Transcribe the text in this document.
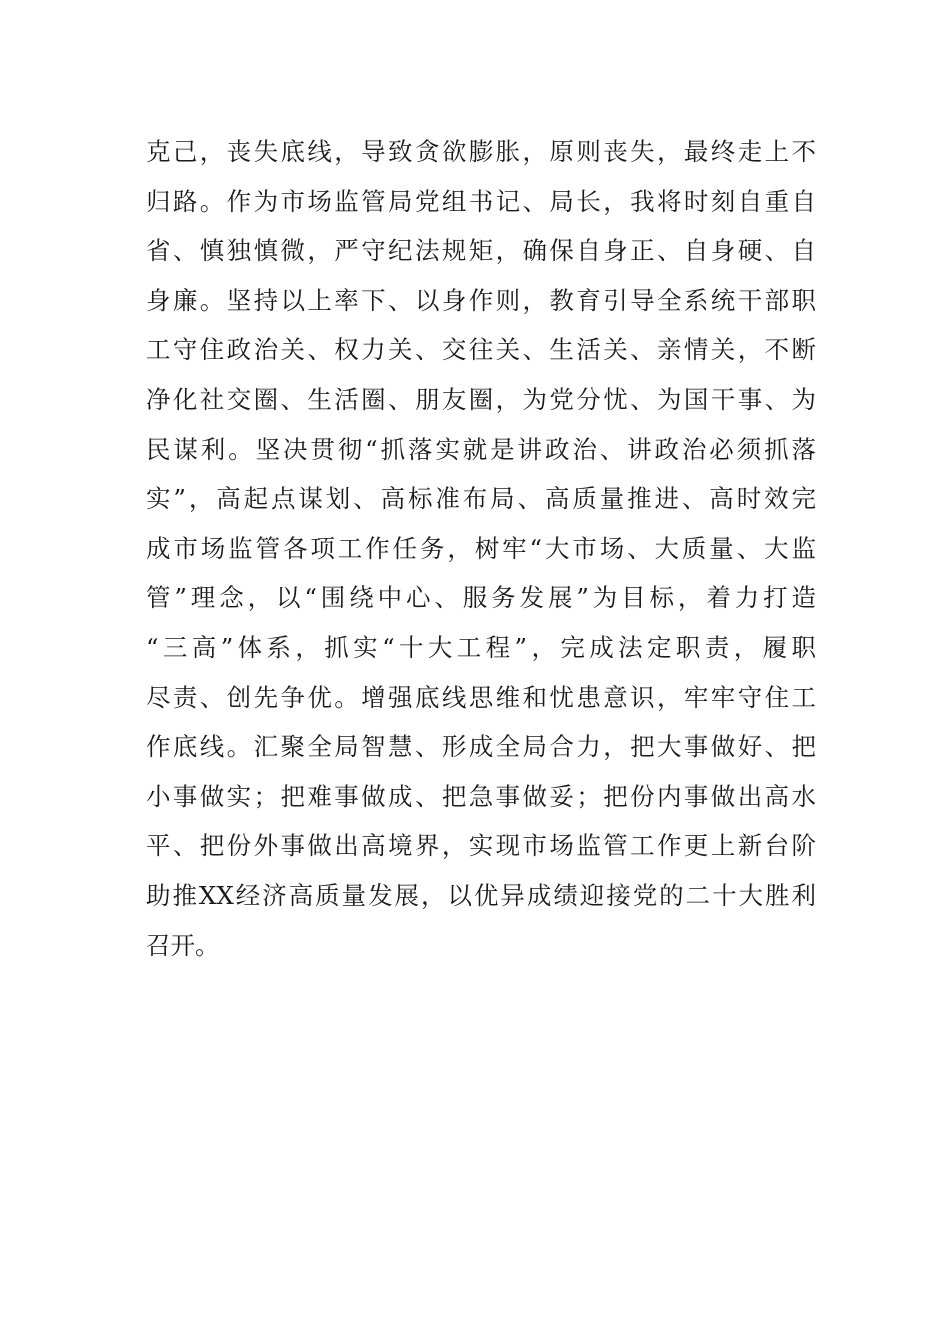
克己，丧失底线，导致贪欲膨胀，原则丧失，最终走上不
归路。作为市场监管局党组书记、局长，我将时刻自重自
省、慎独慎微，严守纪法规矩，确保自身正、自身硬、自
身廉。坚持以上率下、以身作则，教育引导全系统干部职
工守住政治关、权力关、交往关、生活关、亲情关，不断
净化社交圈、生活圈、朋友圈，为党分忧、为国干事、为
民谋利。坚决贯彻“抓落实就是讲政治、讲政治必须抓落
实”，高起点谋划、高标准布局、高质量推进、高时效完
成市场监管各项工作任务，树牢“大市场、大质量、大监
管”理念，以“围绕中心、服务发展”为目标，着力打造
“三高”体系，抓实“十大工程”，完成法定职责，履职
尽责、创先争优。增强底线思维和忧患意识，牢牢守住工
作底线。汇聚全局智慧、形成全局合力，把大事做好、把
小事做实；把难事做成、把急事做妥；把份内事做出高水
平、把份外事做出高境界，实现市场监管工作更上新台阶
助推XX经济高质量发展，以优异成绩迎接党的二十大胜利
召开。
